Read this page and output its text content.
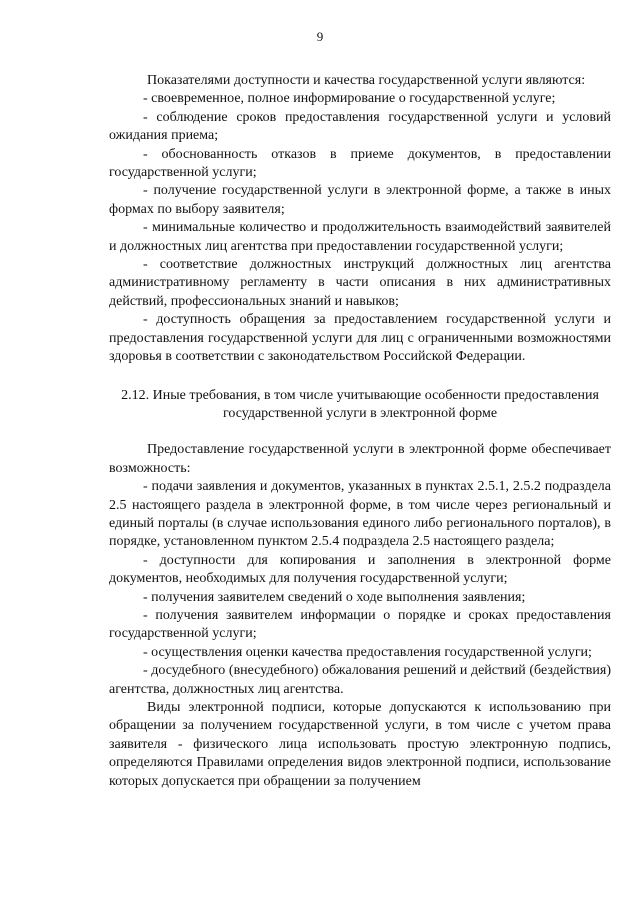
9

Показателями доступности и качества государственной услуги являются:

- своевременное, полное информирование о государственной услуге;

- соблюдение сроков предоставления государственной услуги и условий ожидания приема;

- обоснованность отказов в приеме документов, в предоставлении государственной услуги;

- получение государственной услуги в электронной форме, а также в иных формах по выбору заявителя;

- минимальные количество и продолжительность взаимодействий заявителей и должностных лиц агентства при предоставлении государственной услуги;

- соответствие должностных инструкций должностных лиц агентства административному регламенту в части описания в них административных действий, профессиональных знаний и навыков;

- доступность обращения за предоставлением государственной услуги и предоставления государственной услуги для лиц с ограниченными возможностями здоровья в соответствии с законодательством Российской Федерации.

2.12. Иные требования, в том числе учитывающие особенности предоставления государственной услуги в электронной форме

Предоставление государственной услуги в электронной форме обеспечивает возможность:

- подачи заявления и документов, указанных в пунктах 2.5.1, 2.5.2 подраздела 2.5 настоящего раздела в электронной форме, в том числе через региональный и единый порталы (в случае использования единого либо регионального порталов), в порядке, установленном пунктом 2.5.4 подраздела 2.5 настоящего раздела;

- доступности для копирования и заполнения в электронной форме документов, необходимых для получения государственной услуги;

- получения заявителем сведений о ходе выполнения заявления;

- получения заявителем информации о порядке и сроках предоставления государственной услуги;

- осуществления оценки качества предоставления государственной услуги;

- досудебного (внесудебного) обжалования решений и действий (бездействия) агентства, должностных лиц агентства.

Виды электронной подписи, которые допускаются к использованию при обращении за получением государственной услуги, в том числе с учетом права заявителя - физического лица использовать простую электронную подпись, определяются Правилами определения видов электронной подписи, использование которых допускается при обращении за получением
